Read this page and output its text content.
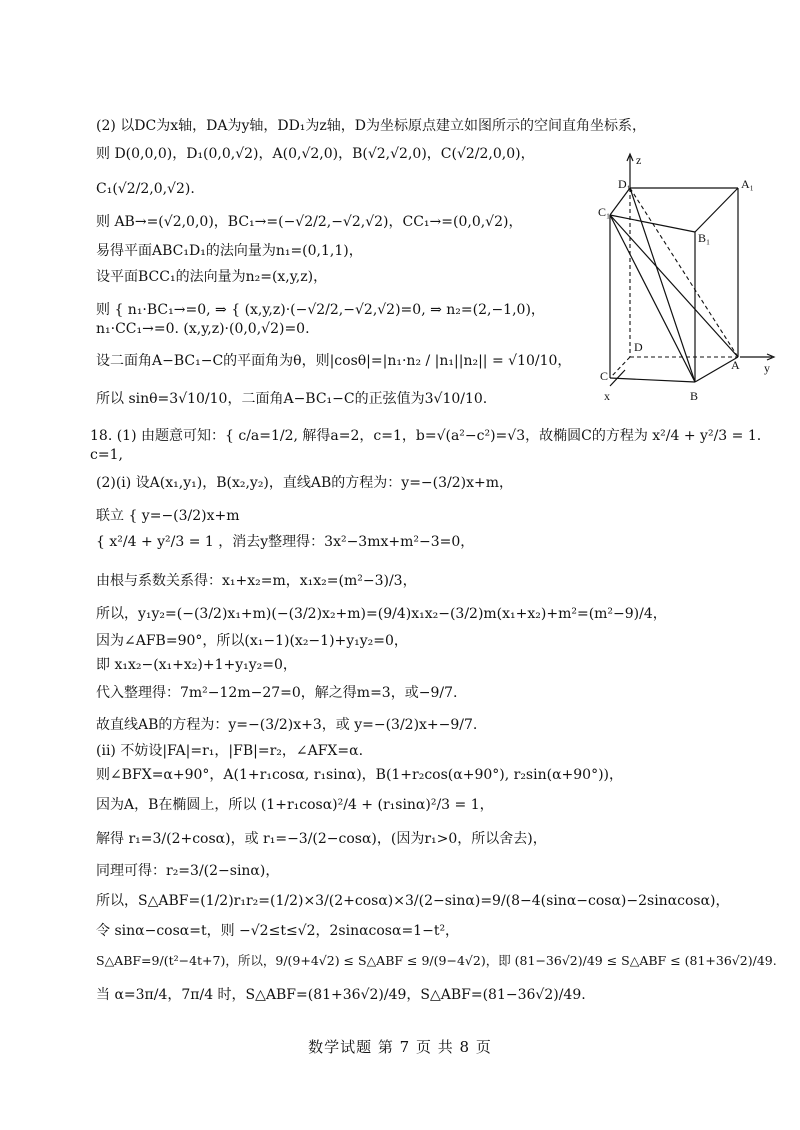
(2) 以DC为x轴，DA为y轴，DD₁为z轴，D为坐标原点建立如图所示的空间直角坐标系，
则 D(0,0,0)，D₁(0,0,√2)，A(0,√2,0)，B(√2,√2,0)，C(√2/2,0,0)，
C₁(√2/2,0,√2).
则 AB→=(√2,0,0)，BC₁→=(−√2/2,−√2,√2)，CC₁→=(0,0,√2)，
易得平面ABC₁D₁的法向量为n₁=(0,1,1)，
设平面BCC₁的法向量为n₂=(x,y,z)，
则 { n₁·BC₁→=0, ⇒ { (x,y,z)·(−√2/2,−√2,√2)=0, ⇒ n₂=(2,−1,0)，
n₁·CC₁→=0. (x,y,z)·(0,0,√2)=0.
设二面角A−BC₁−C的平面角为θ，则|cosθ|=|n₁·n₂ / |n₁||n₂|| = √10/10，
所以 sinθ=3√10/10，二面角A−BC₁−C的正弦值为3√10/10.
18. (1) 由题意可知：{ c/a=1/2, 解得a=2，c=1，b=√(a²−c²)=√3，故椭圆C的方程为 x²/4 + y²/3 = 1.
c=1,
(2)(i) 设A(x₁,y₁)，B(x₂,y₂)，直线AB的方程为：y=−(3/2)x+m，
联立 { y=−(3/2)x+m
{ x²/4 + y²/3 = 1 ，消去y整理得：3x²−3mx+m²−3=0，
由根与系数关系得：x₁+x₂=m，x₁x₂=(m²−3)/3，
所以，y₁y₂=(−(3/2)x₁+m)(−(3/2)x₂+m)=(9/4)x₁x₂−(3/2)m(x₁+x₂)+m²=(m²−9)/4，
因为∠AFB=90°，所以(x₁−1)(x₂−1)+y₁y₂=0，
即 x₁x₂−(x₁+x₂)+1+y₁y₂=0，
代入整理得：7m²−12m−27=0，解之得m=3，或−9/7.
故直线AB的方程为：y=−(3/2)x+3，或 y=−(3/2)x+−9/7.
(ii) 不妨设|FA|=r₁，|FB|=r₂，∠AFX=α.
则∠BFX=α+90°，A(1+r₁cosα, r₁sinα)，B(1+r₂cos(α+90°), r₂sin(α+90°))，
因为A，B在椭圆上，所以 (1+r₁cosα)²/4 + (r₁sinα)²/3 = 1，
解得 r₁=3/(2+cosα)，或 r₁=−3/(2−cosα)，(因为r₁>0，所以舍去)，
同理可得：r₂=3/(2−sinα)，
所以，S△ABF=(1/2)r₁r₂=(1/2)×3/(2+cosα)×3/(2−sinα)=9/(8−4(sinα−cosα)−2sinαcosα)，
令 sinα−cosα=t，则 −√2≤t≤√2，2sinαcosα=1−t²，
S△ABF=9/(t²−4t+7)，所以，9/(9+4√2) ≤ S△ABF ≤ 9/(9−4√2)，即 (81−36√2)/49 ≤ S△ABF ≤ (81+36√2)/49.
当 α=3π/4，7π/4 时，S△ABF=(81+36√2)/49，S△ABF=(81−36√2)/49.
z
D₁	A₁
C₁
B₁
D
A y
C
B
x
数学试题 第 7 页 共 8 页
